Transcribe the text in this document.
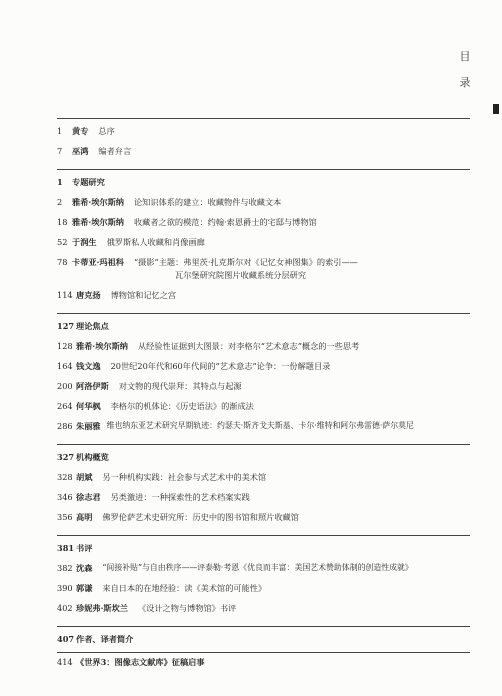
目
录
1	黄专 总序
7	巫鸿 编者弁言
1	专题研究
2	雅希·埃尔斯纳 论知识体系的建立：收藏物件与收藏文本
18 雅希·埃尔斯纳 收藏者之欲的模范：约翰·索恩爵士的宅邸与博物馆
52 于润生 俄罗斯私人收藏和肖像画廊
78 卡蒂亚·玛祖科 “摄影”主题：弗里茨·扎克斯尔对《记忆女神图集》的索引——
瓦尔堡研究院图片收藏系统分层研究
114 唐克扬 博物馆和记忆之宫
127 理论焦点
128 雅希·埃尔斯纳 从经验性证据到大图景：对李格尔“艺术意志”概念的一些思考
164 钱文逸 20世纪20年代和60年代间的“艺术意志”论争：一份解题目录
200 阿洛伊斯 对文物的现代崇拜：其特点与起源
264 何华枫 李格尔的机体论：《历史语法》的渐成法
286 朱丽雅 维也纳东亚艺术研究早期轨迹：约瑟夫·斯齐戈夫斯基、卡尔·维特和阿尔弗雷德·萨尔莫尼
327 机构概览
328 胡斌 另一种机构实践：社会参与式艺术中的美术馆
346 徐志君 另类激进：一种探索性的艺术档案实践
356 高明 佛罗伦萨艺术史研究所：历史中的图书馆和照片收藏馆
381 书评
382 沈森 “间接补贴”与自由秩序——评泰勒·考恩《优良而丰富：美国艺术赞助体制的创造性成就》
390 郭谦 来自日本的在地经验：读《美术馆的可能性》
402 珍妮弗·斯坎兰 《设计之物与博物馆》书评
407 作者、译者简介
414 《世界3：图像志文献库》征稿启事
